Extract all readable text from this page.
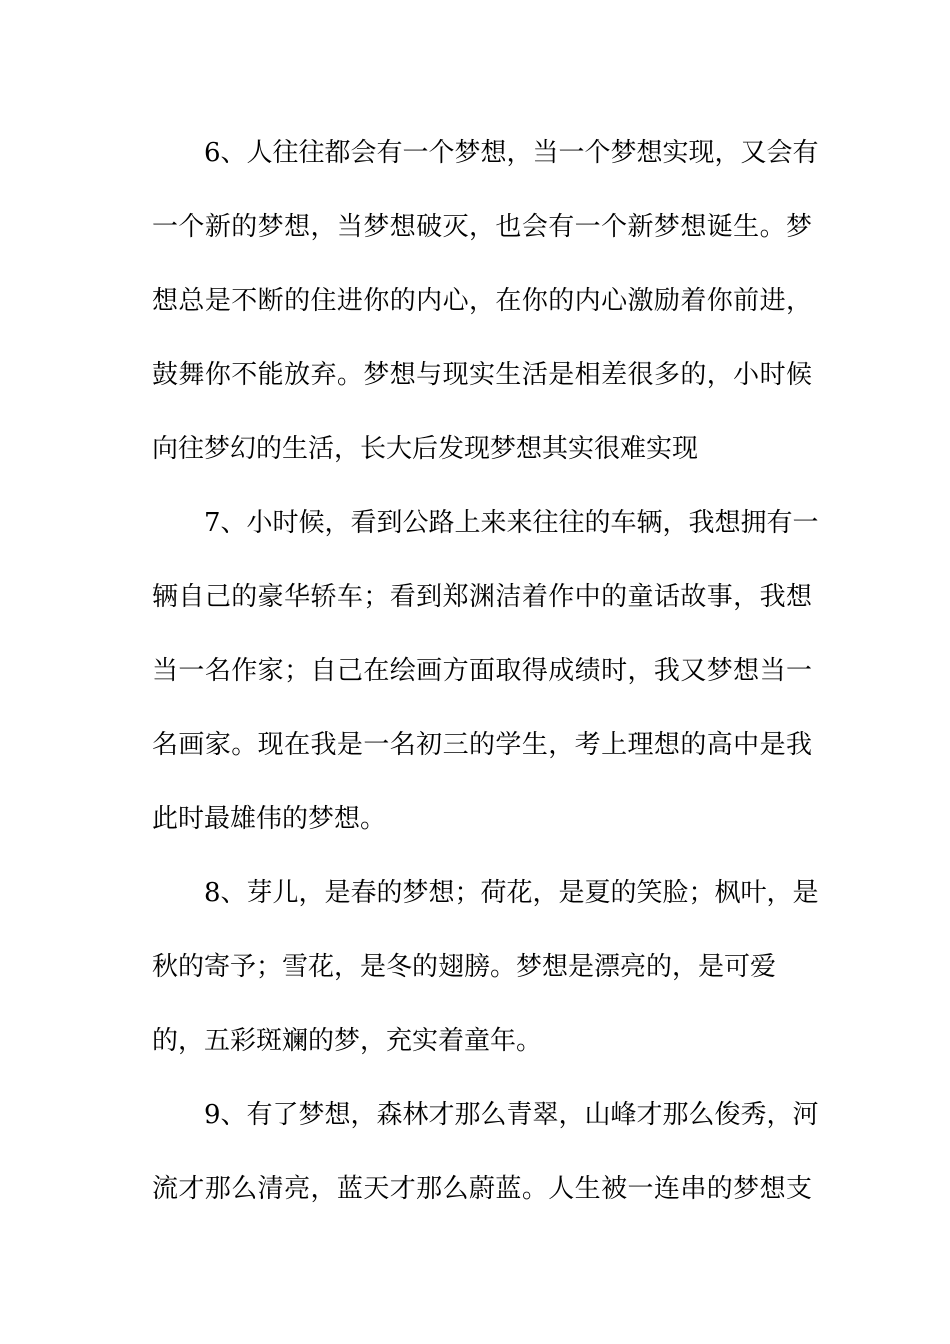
6、人往往都会有一个梦想，当一个梦想实现，又会有
一个新的梦想，当梦想破灭，也会有一个新梦想诞生。梦
想总是不断的住进你的内心，在你的内心激励着你前进，
鼓舞你不能放弃。梦想与现实生活是相差很多的，小时候
向往梦幻的生活，长大后发现梦想其实很难实现
7、小时候，看到公路上来来往往的车辆，我想拥有一
辆自己的豪华轿车；看到郑渊洁着作中的童话故事，我想
当一名作家；自己在绘画方面取得成绩时，我又梦想当一
名画家。现在我是一名初三的学生，考上理想的高中是我
此时最雄伟的梦想。
8、芽儿，是春的梦想；荷花，是夏的笑脸；枫叶，是
秋的寄予；雪花，是冬的翅膀。梦想是漂亮的，是可爱
的，五彩斑斓的梦，充实着童年。
9、有了梦想，森林才那么青翠，山峰才那么俊秀，河
流才那么清亮，蓝天才那么蔚蓝。人生被一连串的梦想支
